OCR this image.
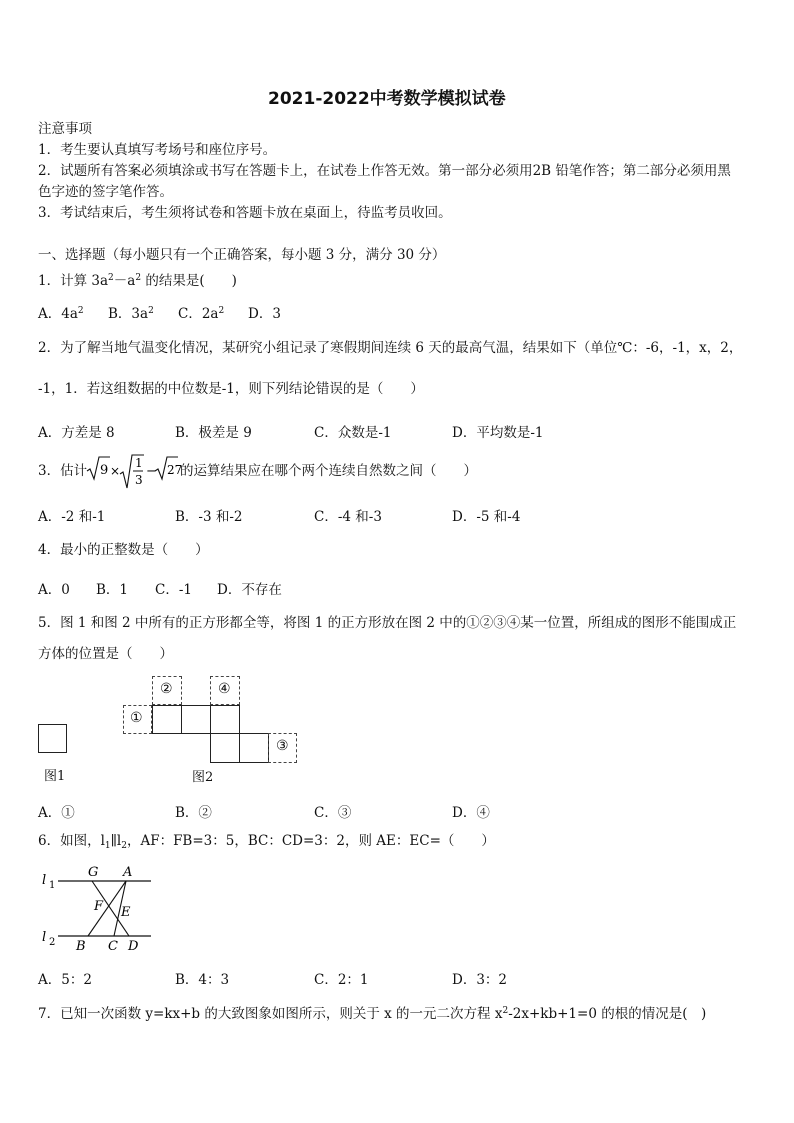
2021-2022中考数学模拟试卷
注意事项
1．考生要认真填写考场号和座位序号。
2．试题所有答案必须填涂或书写在答题卡上，在试卷上作答无效。第一部分必须用2B 铅笔作答；第二部分必须用黑
色字迹的签字笔作答。
3．考试结束后，考生须将试卷和答题卡放在桌面上，待监考员收回。
一、选择题（每小题只有一个正确答案，每小题 3 分，满分 30 分）
1．计算 $3a^2-a^2$ 的结果是(　　)
A．$4a^2$ B．$3a^2$ C．$2a^2$ D．3
2．为了解当地气温变化情况，某研究小组记录了寒假期间连续 6 天的最高气温，结果如下（单位℃：-6，-1，x，2，
-1，1．若这组数据的中位数是-1，则下列结论错误的是（　　）
A．方差是 8	B．极差是 9	C．众数是-1	D．平均数是-1
3．估计 9 ×
1
3
− 27
的运算结果应在哪个两个连续自然数之间（　　）
A．-2 和-1	B．-3 和-2	C．-4 和-3	D．-5 和-4
4．最小的正整数是（　　）
A．0 B．1 C．-1 D．不存在
5．图 1 和图 2 中所有的正方形都全等，将图 1 的正方形放在图 2 中的①②③④某一位置，所组成的图形不能围成正
方体的位置是（　　）
图1
①
②
③
④
图2
A．①	B．②	C．③	D．④
6．如图，$l_1\parallel l_2$，AF：FB=3：5，BC：CD=3：2，则 AE：EC=（　　）
G A
F E
B C D
l
l
1
2
A．5：2	B．4：3	C．2：1	D．3：2
7．已知一次函数 y=kx+b 的大致图象如图所示，则关于 x 的一元二次方程 $x^2-2x+kb+1=0$ 的根的情况是(　)
